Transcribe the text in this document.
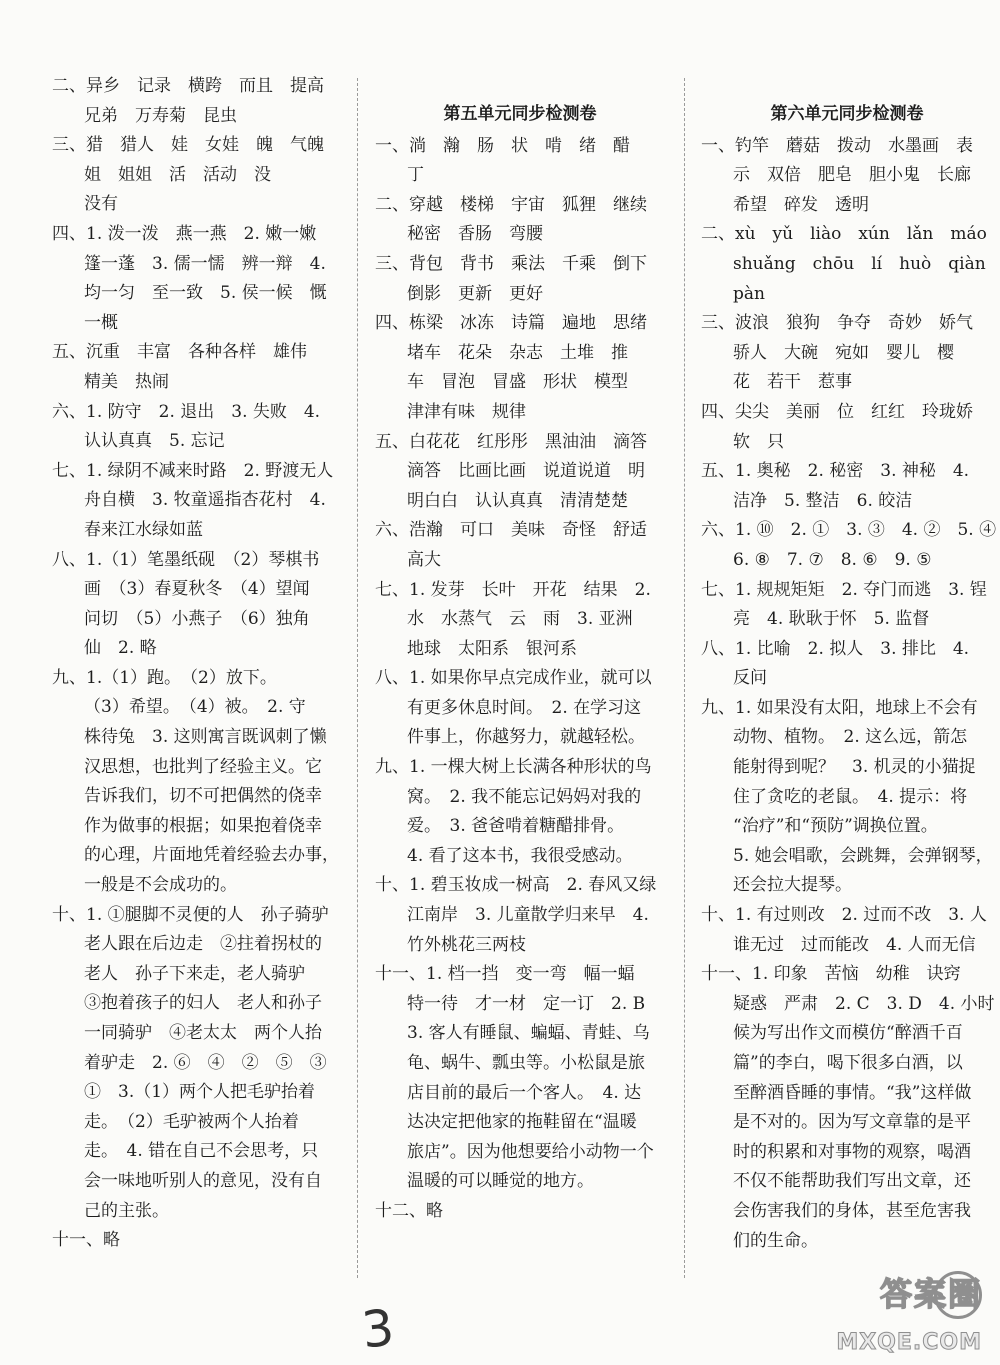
二、异乡　记录　横跨　而且　提高
兄弟　万寿菊　昆虫
三、猎　猎人　娃　女娃　魄　气魄
姐　姐姐　活　活动　没
没有
四、1. 泼一泼　燕一燕　2. 嫩一嫩
篷一蓬　3. 儒一懦　辨一辩　4.
均一匀　至一致　5. 侯一候　慨
一概
五、沉重　丰富　各种各样　雄伟
精美　热闹
六、1. 防守　2. 退出　3. 失败　4.
认认真真　5. 忘记
七、1. 绿阴不减来时路　2. 野渡无人
舟自横　3. 牧童遥指杏花村　4.
春来江水绿如蓝
八、1.（1）笔墨纸砚　（2）琴棋书
画　（3）春夏秋冬　（4）望闻
问切　（5）小燕子　（6）独角
仙　2. 略
九、1.（1）跑。　（2）放下。
（3）希望。　（4）被。　2. 守
株待兔　3. 这则寓言既讽刺了懒
汉思想，也批判了经验主义。它
告诉我们，切不可把偶然的侥幸
作为做事的根据；如果抱着侥幸
的心理，片面地凭着经验去办事，
一般是不会成功的。
十、1. ①腿脚不灵便的人　孙子骑驴
老人跟在后边走　②拄着拐杖的
老人　孙子下来走，老人骑驴
③抱着孩子的妇人　老人和孙子
一同骑驴　④老太太　两个人抬
着驴走　2. ⑥　④　②　⑤　③
①　3.（1）两个人把毛驴抬着
走。　（2）毛驴被两个人抬着
走。　4. 错在自己不会思考，只
会一味地听别人的意见，没有自
己的主张。
十一、略
第五单元同步检测卷
一、淌　瀚　肠　状　啃　绪　醋
丁
二、穿越　楼梯　宇宙　狐狸　继续
秘密　香肠　弯腰
三、背包　背书　乘法　千乘　倒下
倒影　更新　更好
四、栋梁　冰冻　诗篇　遍地　思绪
堵车　花朵　杂志　土堆　推
车　冒泡　冒盛　形状　模型
津津有味　规律
五、白花花　红彤彤　黑油油　滴答
滴答　比画比画　说道说道　明
明白白　认认真真　清清楚楚
六、浩瀚　可口　美味　奇怪　舒适
高大
七、1. 发芽　长叶　开花　结果　2.
水　水蒸气　云　雨　3. 亚洲
地球　太阳系　银河系
八、1. 如果你早点完成作业，就可以
有更多休息时间。　2. 在学习这
件事上，你越努力，就越轻松。
九、1. 一棵大树上长满各种形状的鸟
窝。　2. 我不能忘记妈妈对我的
爱。　3. 爸爸啃着糖醋排骨。
4. 看了这本书，我很受感动。
十、1. 碧玉妆成一树高　2. 春风又绿
江南岸　3. 儿童散学归来早　4.
竹外桃花三两枝
十一、1. 档一挡　变一弯　幅一蝠
特一待　才一材　定一订　2. B
3. 客人有睡鼠、蝙蝠、青蛙、乌
龟、蜗牛、瓢虫等。小松鼠是旅
店目前的最后一个客人。　4. 达
达决定把他家的拖鞋留在“温暖
旅店”。因为他想要给小动物一个
温暖的可以睡觉的地方。
十二、略
第六单元同步检测卷
一、钓竿　蘑菇　拨动　水墨画　表
示　双倍　肥皂　胆小鬼　长廊
希望　碎发　透明
二、xù　yǔ　liào　xún　lǎn　máo
shuǎng　chōu　lí　huò　qiàn
pàn
三、波浪　狼狗　争夺　奇妙　娇气
骄人　大碗　宛如　婴儿　樱
花　若干　惹事
四、尖尖　美丽　位　红红　玲珑娇
软　只
五、1. 奥秘　2. 秘密　3. 神秘　4.
洁净　5. 整洁　6. 皎洁
六、1. ⑩　2. ①　3. ③　4. ②　5. ④
6. ⑧　7. ⑦　8. ⑥　9. ⑤
七、1. 规规矩矩　2. 夺门而逃　3. 锃
亮　4. 耿耿于怀　5. 监督
八、1. 比喻　2. 拟人　3. 排比　4.
反问
九、1. 如果没有太阳，地球上不会有
动物、植物。　2. 这么远，箭怎
能射得到呢？　3. 机灵的小猫捉
住了贪吃的老鼠。　4. 提示：将
“治疗”和“预防”调换位置。
5. 她会唱歌，会跳舞，会弹钢琴，
还会拉大提琴。
十、1. 有过则改　2. 过而不改　3. 人
谁无过　过而能改　4. 人而无信
十一、1. 印象　苦恼　幼稚　诀窍
疑惑　严肃　2. C　3. D　4. 小时
候为写出作文而模仿“醉酒千百
篇”的李白，喝下很多白酒，以
至醉酒昏睡的事情。“我”这样做
是不对的。因为写文章靠的是平
时的积累和对事物的观察，喝酒
不仅不能帮助我们写出文章，还
会伤害我们的身体，甚至危害我
们的生命。
3
答案圈
MXQE.COM
